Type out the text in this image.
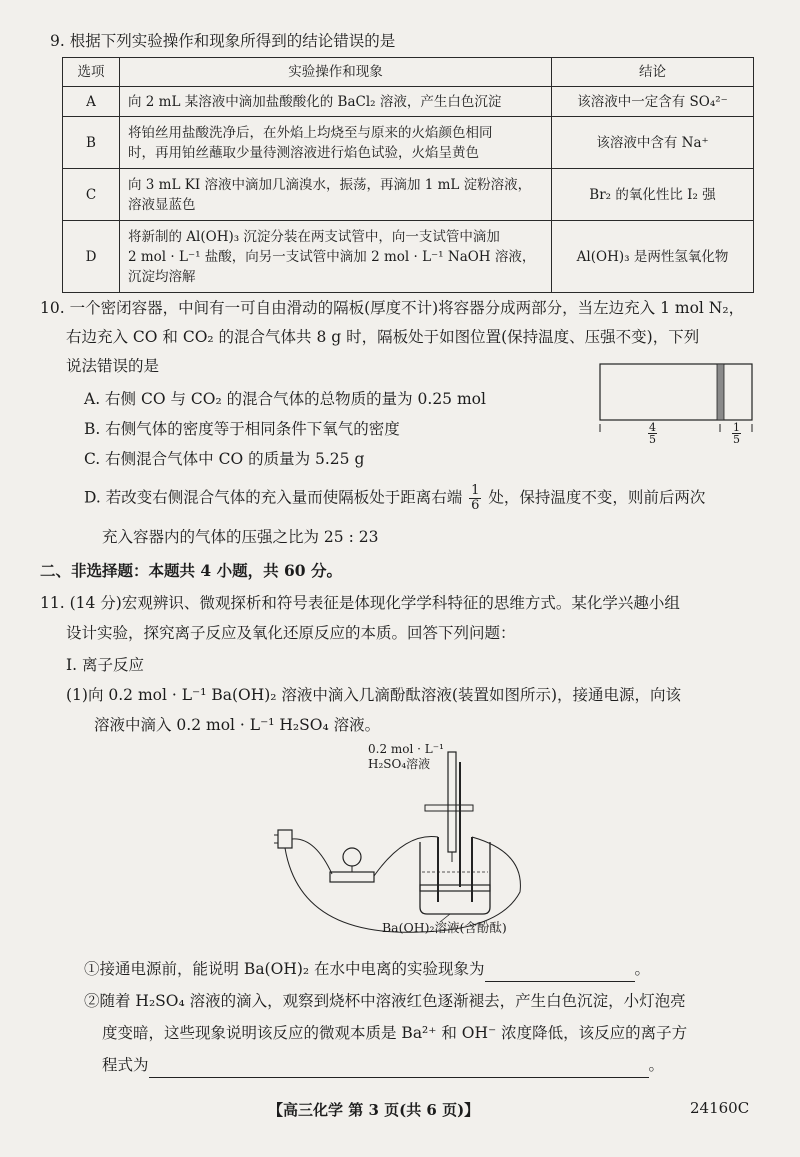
9. 根据下列实验操作和现象所得到的结论错误的是
选项	实验操作和现象	结论
A	向 2 mL 某溶液中滴加盐酸酸化的 BaCl₂ 溶液，产生白色沉淀	该溶液中一定含有 SO₄²⁻
B	将铂丝用盐酸洗净后，在外焰上均烧至与原来的火焰颜色相同
时，再用铂丝蘸取少量待测溶液进行焰色试验，火焰呈黄色	该溶液中含有 Na⁺
C	向 3 mL KI 溶液中滴加几滴溴水，振荡，再滴加 1 mL 淀粉溶液，
溶液显蓝色	Br₂ 的氧化性比 I₂ 强
D	将新制的 Al(OH)₃ 沉淀分装在两支试管中，向一支试管中滴加
2 mol · L⁻¹ 盐酸，向另一支试管中滴加 2 mol · L⁻¹ NaOH 溶液，
沉淀均溶解	Al(OH)₃ 是两性氢氧化物
10. 一个密闭容器，中间有一可自由滑动的隔板(厚度不计)将容器分成两部分，当左边充入 1 mol N₂，
右边充入 CO 和 CO₂ 的混合气体共 8 g 时，隔板处于如图位置(保持温度、压强不变)，下列
说法错误的是
A. 右侧 CO 与 CO₂ 的混合气体的总物质的量为 0.25 mol
B. 右侧气体的密度等于相同条件下氧气的密度
C. 右侧混合气体中 CO 的质量为 5.25 g
D. 若改变右侧混合气体的充入量而使隔板处于距离右端 $\frac{1}{6}$ 处，保持温度不变，则前后两次
充入容器内的气体的压强之比为 25 : 23
$\frac{4}{5}$	$\frac{1}{5}$
二、非选择题：本题共 4 小题，共 60 分。
11. (14 分)宏观辨识、微观探析和符号表征是体现化学学科特征的思维方式。某化学兴趣小组
设计实验，探究离子反应及氧化还原反应的本质。回答下列问题：
Ⅰ. 离子反应
(1)向 0.2 mol · L⁻¹ Ba(OH)₂ 溶液中滴入几滴酚酞溶液(装置如图所示)，接通电源，向该
溶液中滴入 0.2 mol · L⁻¹ H₂SO₄ 溶液。
0.2 mol · L⁻¹
H₂SO₄溶液
Ba(OH)₂溶液(含酚酞)
①接通电源前，能说明 Ba(OH)₂ 在水中电离的实验现象为	。
②随着 H₂SO₄ 溶液的滴入，观察到烧杯中溶液红色逐渐褪去，产生白色沉淀，小灯泡亮
度变暗，这些现象说明该反应的微观本质是 Ba²⁺ 和 OH⁻ 浓度降低，该反应的离子方
程式为	。
【高三化学 第 3 页(共 6 页)】	24160C
